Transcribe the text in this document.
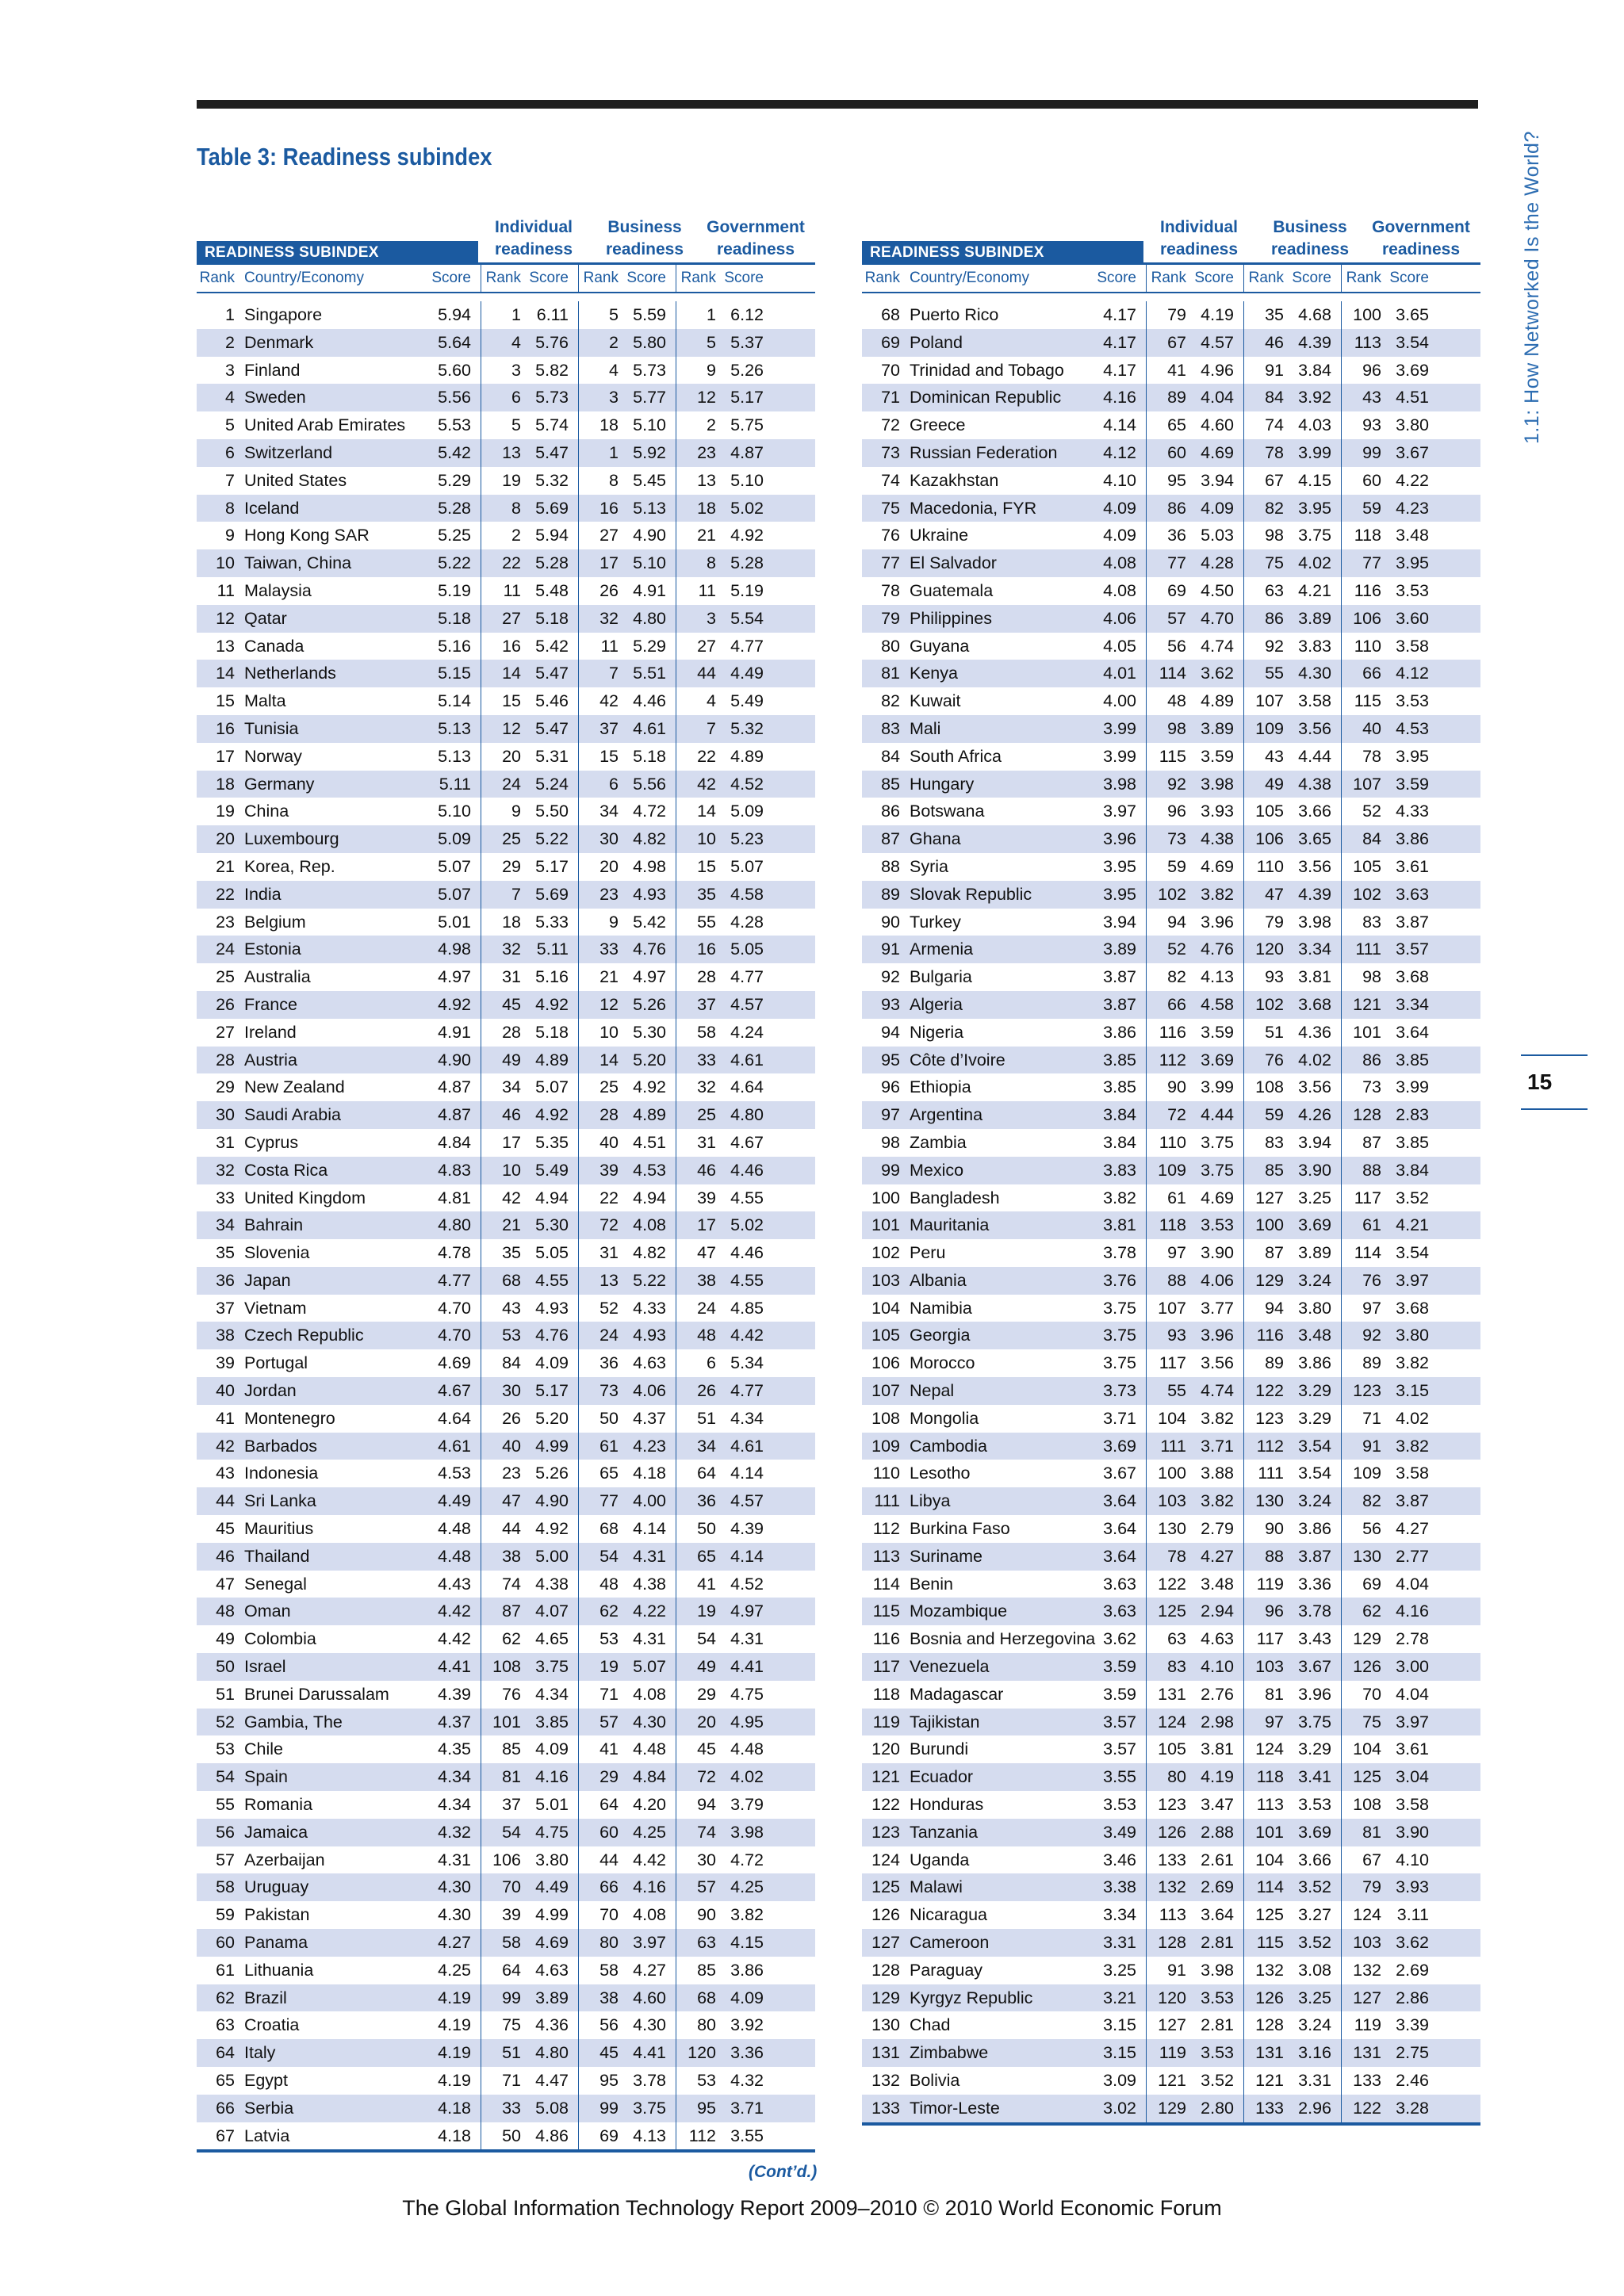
Table 3: Readiness subindex	1.1: How Networked Is the World?
15
READINESS SUBINDEX
Individual readiness
Business readiness
Government readiness
Rank Country/Economy	Score Rank Score Rank Score Rank Score
1 Singapore	5.94	1 6.11	5 5.59	1 6.12
2 Denmark	5.64	4 5.76	2 5.80	5 5.37
3 Finland	5.60	3 5.82	4 5.73	9 5.26
4 Sweden	5.56	6 5.73	3 5.77	12 5.17
5 United Arab Emirates	5.53	5 5.74	18 5.10	2 5.75
6 Switzerland	5.42	13 5.47	1 5.92	23 4.87
7 United States	5.29	19 5.32	8 5.45	13 5.10
8 Iceland	5.28	8 5.69	16 5.13	18 5.02
9 Hong Kong SAR	5.25	2 5.94	27 4.90	21 4.92
10 Taiwan, China	5.22	22 5.28	17 5.10	8 5.28
11 Malaysia	5.19	11 5.48	26 4.91	11 5.19
12 Qatar	5.18	27 5.18	32 4.80	3 5.54
13 Canada	5.16	16 5.42	11 5.29	27 4.77
14 Netherlands	5.15	14 5.47	7 5.51	44 4.49
15 Malta	5.14	15 5.46	42 4.46	4 5.49
16 Tunisia	5.13	12 5.47	37 4.61	7 5.32
17 Norway	5.13	20 5.31	15 5.18	22 4.89
18 Germany	5.11	24 5.24	6 5.56	42 4.52
19 China	5.10	9 5.50	34 4.72	14 5.09
20 Luxembourg	5.09	25 5.22	30 4.82	10 5.23
21 Korea, Rep.	5.07	29 5.17	20 4.98	15 5.07
22 India	5.07	7 5.69	23 4.93	35 4.58
23 Belgium	5.01	18 5.33	9 5.42	55 4.28
24 Estonia	4.98	32 5.11	33 4.76	16 5.05
25 Australia	4.97	31 5.16	21 4.97	28 4.77
26 France	4.92	45 4.92	12 5.26	37 4.57
27 Ireland	4.91	28 5.18	10 5.30	58 4.24
28 Austria	4.90	49 4.89	14 5.20	33 4.61
29 New Zealand	4.87	34 5.07	25 4.92	32 4.64
30 Saudi Arabia	4.87	46 4.92	28 4.89	25 4.80
31 Cyprus	4.84	17 5.35	40 4.51	31 4.67
32 Costa Rica	4.83	10 5.49	39 4.53	46 4.46
33 United Kingdom	4.81	42 4.94	22 4.94	39 4.55
34 Bahrain	4.80	21 5.30	72 4.08	17 5.02
35 Slovenia	4.78	35 5.05	31 4.82	47 4.46
36 Japan	4.77	68 4.55	13 5.22	38 4.55
37 Vietnam	4.70	43 4.93	52 4.33	24 4.85
38 Czech Republic	4.70	53 4.76	24 4.93	48 4.42
39 Portugal	4.69	84 4.09	36 4.63	6 5.34
40 Jordan	4.67	30 5.17	73 4.06	26 4.77
41 Montenegro	4.64	26 5.20	50 4.37	51 4.34
42 Barbados	4.61	40 4.99	61 4.23	34 4.61
43 Indonesia	4.53	23 5.26	65 4.18	64 4.14
44 Sri Lanka	4.49	47 4.90	77 4.00	36 4.57
45 Mauritius	4.48	44 4.92	68 4.14	50 4.39
46 Thailand	4.48	38 5.00	54 4.31	65 4.14
47 Senegal	4.43	74 4.38	48 4.38	41 4.52
48 Oman	4.42	87 4.07	62 4.22	19 4.97
49 Colombia	4.42	62 4.65	53 4.31	54 4.31
50 Israel	4.41	108 3.75	19 5.07	49 4.41
51 Brunei Darussalam	4.39	76 4.34	71 4.08	29 4.75
52 Gambia, The	4.37	101 3.85	57 4.30	20 4.95
53 Chile	4.35	85 4.09	41 4.48	45 4.48
54 Spain	4.34	81 4.16	29 4.84	72 4.02
55 Romania	4.34	37 5.01	64 4.20	94 3.79
56 Jamaica	4.32	54 4.75	60 4.25	74 3.98
57 Azerbaijan	4.31	106 3.80	44 4.42	30 4.72
58 Uruguay	4.30	70 4.49	66 4.16	57 4.25
59 Pakistan	4.30	39 4.99	70 4.08	90 3.82
60 Panama	4.27	58 4.69	80 3.97	63 4.15
61 Lithuania	4.25	64 4.63	58 4.27	85 3.86
62 Brazil	4.19	99 3.89	38 4.60	68 4.09
63 Croatia	4.19	75 4.36	56 4.30	80 3.92
64 Italy	4.19	51 4.80	45 4.41	120 3.36
65 Egypt	4.19	71 4.47	95 3.78	53 4.32
66 Serbia	4.18	33 5.08	99 3.75	95 3.71
67 Latvia	4.18	50 4.86	69 4.13	112 3.55
READINESS SUBINDEX
Individual readiness
Business readiness
Government readiness
Rank Country/Economy	Score Rank Score Rank Score Rank Score
68 Puerto Rico	4.17	79 4.19	35 4.68	100 3.65
69 Poland	4.17	67 4.57	46 4.39	113 3.54
70 Trinidad and Tobago	4.17	41 4.96	91 3.84	96 3.69
71 Dominican Republic	4.16	89 4.04	84 3.92	43 4.51
72 Greece	4.14	65 4.60	74 4.03	93 3.80
73 Russian Federation	4.12	60 4.69	78 3.99	99 3.67
74 Kazakhstan	4.10	95 3.94	67 4.15	60 4.22
75 Macedonia, FYR	4.09	86 4.09	82 3.95	59 4.23
76 Ukraine	4.09	36 5.03	98 3.75	118 3.48
77 El Salvador	4.08	77 4.28	75 4.02	77 3.95
78 Guatemala	4.08	69 4.50	63 4.21	116 3.53
79 Philippines	4.06	57 4.70	86 3.89	106 3.60
80 Guyana	4.05	56 4.74	92 3.83	110 3.58
81 Kenya	4.01	114 3.62	55 4.30	66 4.12
82 Kuwait	4.00	48 4.89	107 3.58	115 3.53
83 Mali	3.99	98 3.89	109 3.56	40 4.53
84 South Africa	3.99	115 3.59	43 4.44	78 3.95
85 Hungary	3.98	92 3.98	49 4.38	107 3.59
86 Botswana	3.97	96 3.93	105 3.66	52 4.33
87 Ghana	3.96	73 4.38	106 3.65	84 3.86
88 Syria	3.95	59 4.69	110 3.56	105 3.61
89 Slovak Republic	3.95	102 3.82	47 4.39	102 3.63
90 Turkey	3.94	94 3.96	79 3.98	83 3.87
91 Armenia	3.89	52 4.76	120 3.34	111 3.57
92 Bulgaria	3.87	82 4.13	93 3.81	98 3.68
93 Algeria	3.87	66 4.58	102 3.68	121 3.34
94 Nigeria	3.86	116 3.59	51 4.36	101 3.64
95 Côte d’Ivoire	3.85	112 3.69	76 4.02	86 3.85
96 Ethiopia	3.85	90 3.99	108 3.56	73 3.99
97 Argentina	3.84	72 4.44	59 4.26	128 2.83
98 Zambia	3.84	110 3.75	83 3.94	87 3.85
99 Mexico	3.83	109 3.75	85 3.90	88 3.84
100 Bangladesh	3.82	61 4.69	127 3.25	117 3.52
101 Mauritania	3.81	118 3.53	100 3.69	61 4.21
102 Peru	3.78	97 3.90	87 3.89	114 3.54
103 Albania	3.76	88 4.06	129 3.24	76 3.97
104 Namibia	3.75	107 3.77	94 3.80	97 3.68
105 Georgia	3.75	93 3.96	116 3.48	92 3.80
106 Morocco	3.75	117 3.56	89 3.86	89 3.82
107 Nepal	3.73	55 4.74	122 3.29	123 3.15
108 Mongolia	3.71	104 3.82	123 3.29	71 4.02
109 Cambodia	3.69	111 3.71	112 3.54	91 3.82
110 Lesotho	3.67	100 3.88	111 3.54	109 3.58
111 Libya	3.64	103 3.82	130 3.24	82 3.87
112 Burkina Faso	3.64	130 2.79	90 3.86	56 4.27
113 Suriname	3.64	78 4.27	88 3.87	130 2.77
114 Benin	3.63	122 3.48	119 3.36	69 4.04
115 Mozambique	3.63	125 2.94	96 3.78	62 4.16
116 Bosnia and Herzegovina 3.62	63 4.63	117 3.43	129 2.78
117 Venezuela	3.59	83 4.10	103 3.67	126 3.00
118 Madagascar	3.59	131 2.76	81 3.96	70 4.04
119 Tajikistan	3.57	124 2.98	97 3.75	75 3.97
120 Burundi	3.57	105 3.81	124 3.29	104 3.61
121 Ecuador	3.55	80 4.19	118 3.41	125 3.04
122 Honduras	3.53	123 3.47	113 3.53	108 3.58
123 Tanzania	3.49	126 2.88	101 3.69	81 3.90
124 Uganda	3.46	133 2.61	104 3.66	67 4.10
125 Malawi	3.38	132 2.69	114 3.52	79 3.93
126 Nicaragua	3.34	113 3.64	125 3.27	124 3.11
127 Cameroon	3.31	128 2.81	115 3.52	103 3.62
128 Paraguay	3.25	91 3.98	132 3.08	132 2.69
129 Kyrgyz Republic	3.21	120 3.53	126 3.25	127 2.86
130 Chad	3.15	127 2.81	128 3.24	119 3.39
131 Zimbabwe	3.15	119 3.53	131 3.16	131 2.75
132 Bolivia	3.09	121 3.52	121 3.31	133 2.46
133 Timor-Leste	3.02	129 2.80	133 2.96	122 3.28
(Cont’d.)
The Global Information Technology Report 2009–2010 © 2010 World Economic Forum
